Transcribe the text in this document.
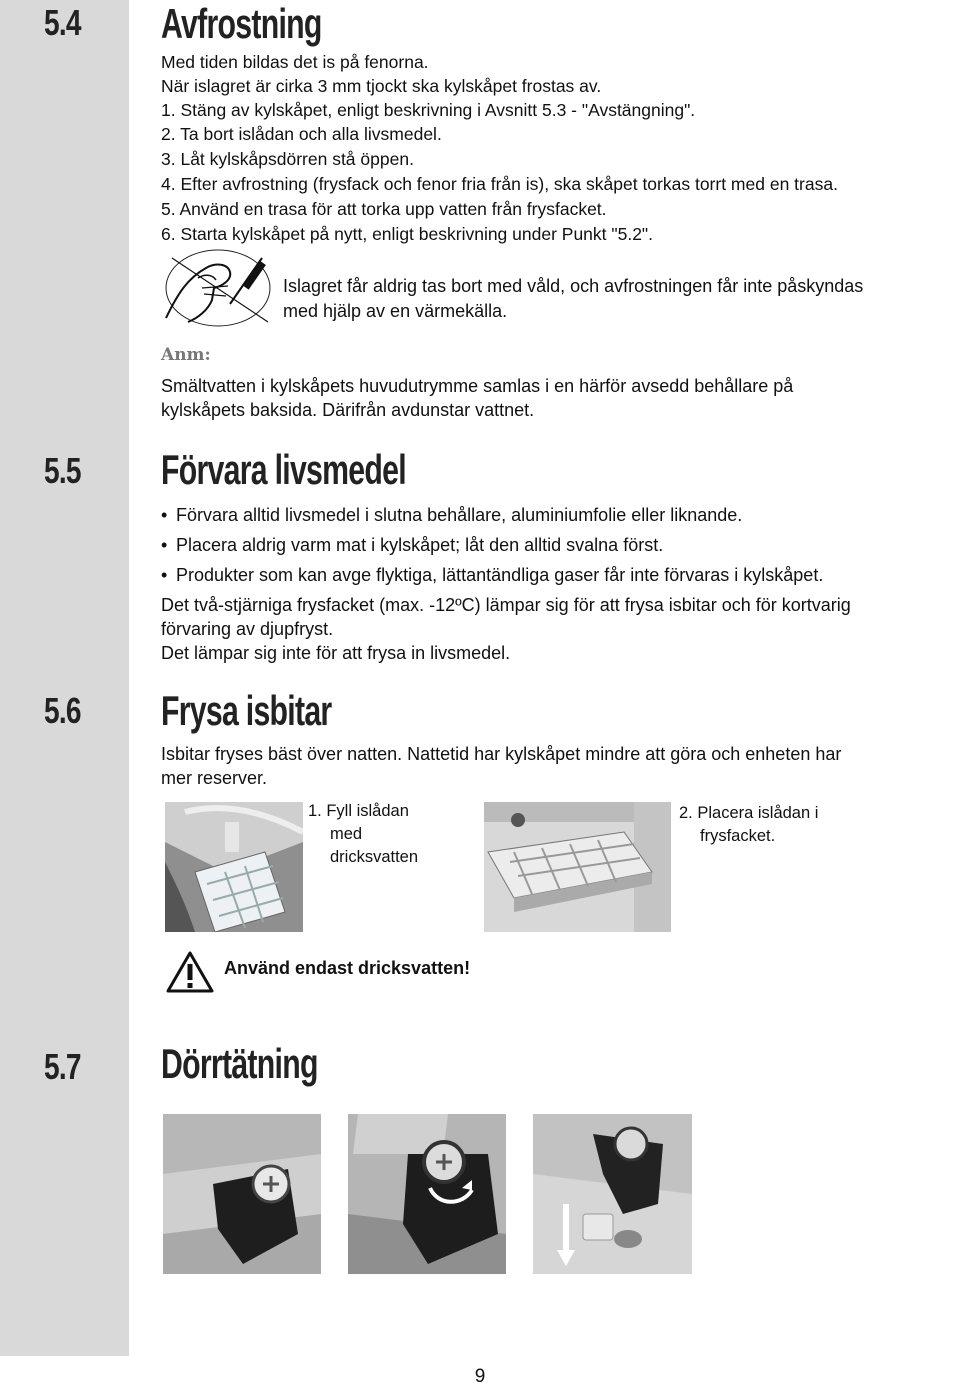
5.4 Avfrostning
Med tiden bildas det is på fenorna.
När islagret är cirka 3 mm tjockt ska kylskåpet frostas av.
1. Stäng av kylskåpet, enligt beskrivning i Avsnitt 5.3 - "Avstängning".
2. Ta bort islådan och alla livsmedel.
3. Låt kylskåpsdörren stå öppen.
4. Efter avfrostning (frysfack och fenor fria från is), ska skåpet torkas torrt med en trasa.
5. Använd en trasa för att torka upp vatten från frysfacket.
6. Starta kylskåpet på nytt, enligt beskrivning under Punkt "5.2".
Islagret får aldrig tas bort med våld, och avfrostningen får inte påskyndas
med hjälp av en värmekälla.
Anm:
Smältvatten i kylskåpets huvudutrymme samlas i en härför avsedd behållare på
kylskåpets baksida. Därifrån avdunstar vattnet.
5.5 Förvara livsmedel
• Förvara alltid livsmedel i slutna behållare, aluminiumfolie eller liknande.
• Placera aldrig varm mat i kylskåpet; låt den alltid svalna först.
• Produkter som kan avge flyktiga, lättantändliga gaser får inte förvaras i kylskåpet.
Det två-stjärniga frysfacket (max. -12ºC) lämpar sig för att frysa isbitar och för kortvarig
förvaring av djupfryst.
Det lämpar sig inte för att frysa in livsmedel.
5.6 Frysa isbitar
Isbitar fryses bäst över natten. Nattetid har kylskåpet mindre att göra och enheten har
mer reserver.
1. Fyll islådan
med
dricksvatten
2. Placera islådan i
frysfacket.
Använd endast dricksvatten!
5.7 Dörrtätning
9
